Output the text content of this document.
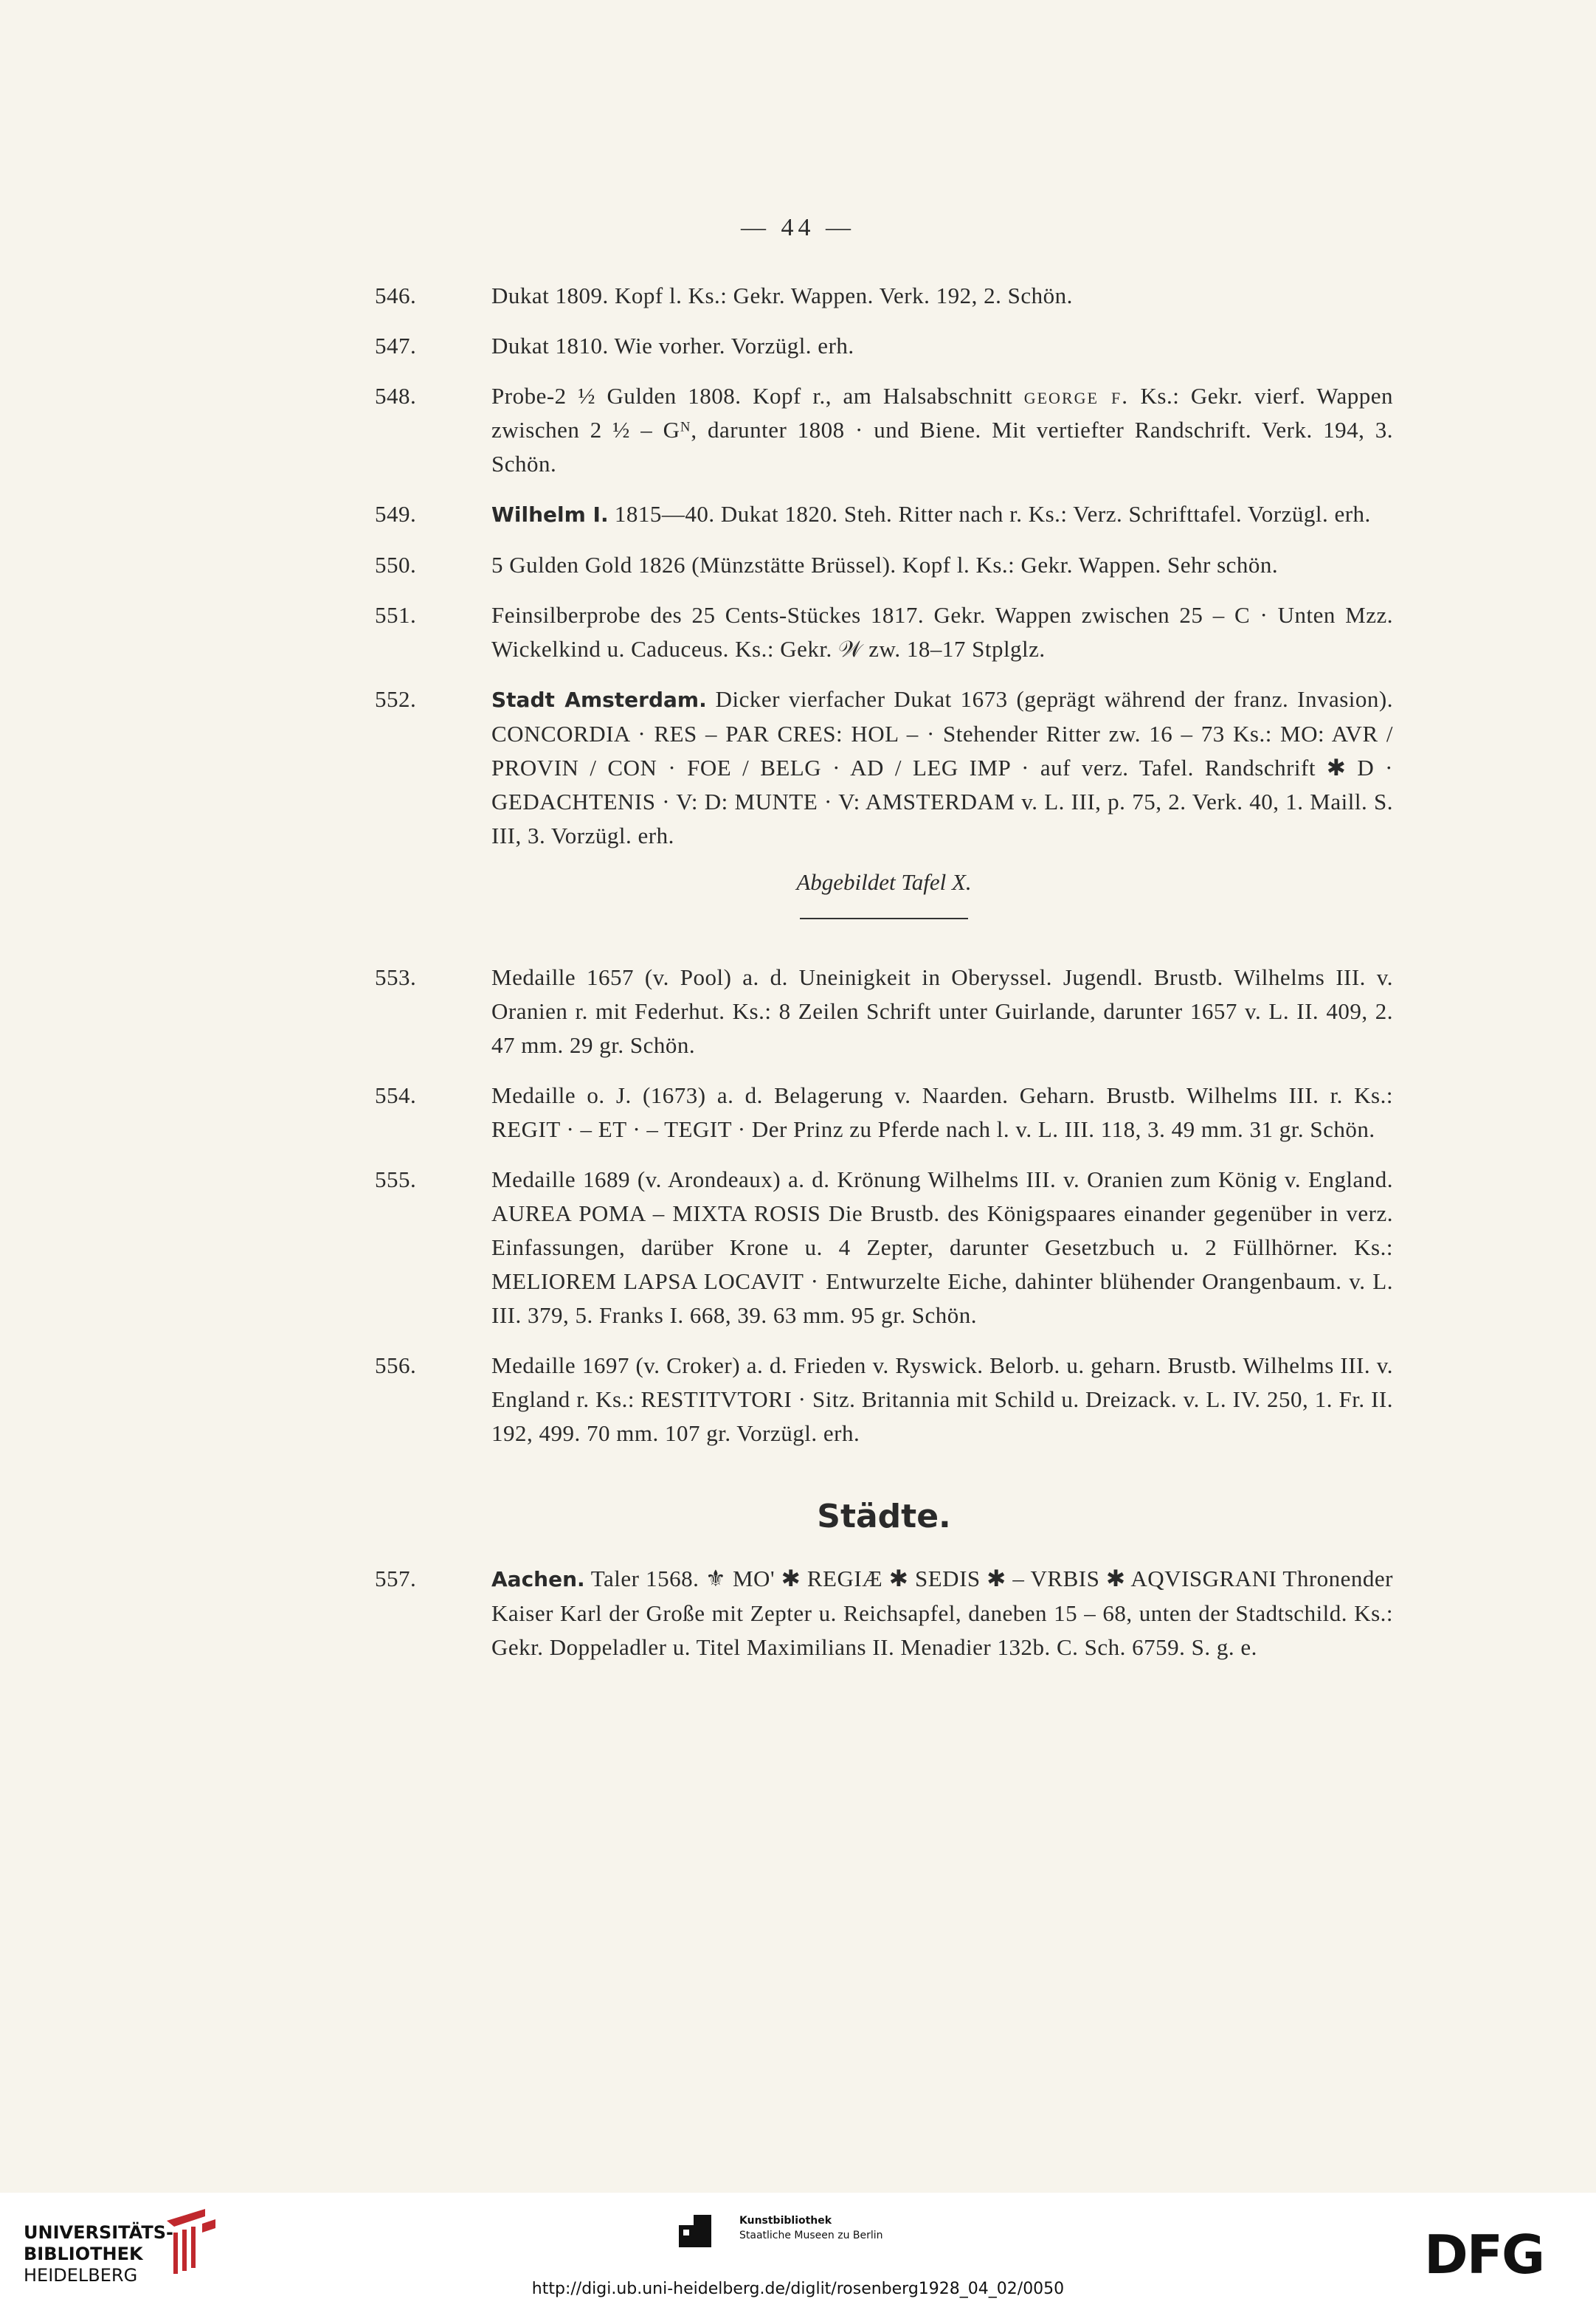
— 44 —
546.	Dukat 1809. Kopf l. Ks.: Gekr. Wappen. Verk. 192, 2. Schön.
547.	Dukat 1810. Wie vorher. Vorzügl. erh.
548.	Probe-2 ½ Gulden 1808. Kopf r., am Halsabschnitt george f. Ks.: Gekr. vierf. Wappen zwischen 2 ½ – Gᴺ, darunter 1808 · und Biene. Mit vertiefter Randschrift. Verk. 194, 3. Schön.
549.	Wilhelm I. 1815—40. Dukat 1820. Steh. Ritter nach r. Ks.: Verz. Schrifttafel. Vorzügl. erh.
550.	5 Gulden Gold 1826 (Münzstätte Brüssel). Kopf l. Ks.: Gekr. Wappen. Sehr schön.
551.	Feinsilberprobe des 25 Cents-Stückes 1817. Gekr. Wappen zwischen 25 – C · Unten Mzz. Wickelkind u. Caduceus. Ks.: Gekr. 𝒲 zw. 18–17 Stplglz.
552.	Stadt Amsterdam. Dicker vierfacher Dukat 1673 (geprägt während der franz. Invasion). CONCORDIA · RES – PAR CRES: HOL – · Stehender Ritter zw. 16 – 73 Ks.: MO: AVR / PROVIN / CON · FOE / BELG · AD / LEG IMP · auf verz. Tafel. Randschrift ✱ D · GEDACHTENIS · V: D: MUNTE · V: AMSTERDAM v. L. III, p. 75, 2. Verk. 40, 1. Maill. S. III, 3. Vorzügl. erh.
Abgebildet Tafel X.
553.	Medaille 1657 (v. Pool) a. d. Uneinigkeit in Oberyssel. Jugendl. Brustb. Wilhelms III. v. Oranien r. mit Federhut. Ks.: 8 Zeilen Schrift unter Guirlande, darunter 1657 v. L. II. 409, 2. 47 mm. 29 gr. Schön.
554.	Medaille o. J. (1673) a. d. Belagerung v. Naarden. Geharn. Brustb. Wilhelms III. r. Ks.: REGIT · – ET · – TEGIT · Der Prinz zu Pferde nach l. v. L. III. 118, 3. 49 mm. 31 gr. Schön.
555.	Medaille 1689 (v. Arondeaux) a. d. Krönung Wilhelms III. v. Oranien zum König v. England. AUREA POMA – MIXTA ROSIS Die Brustb. des Königspaares einander gegenüber in verz. Einfassungen, darüber Krone u. 4 Zepter, darunter Gesetzbuch u. 2 Füllhörner. Ks.: MELIOREM LAPSA LOCAVIT · Entwurzelte Eiche, dahinter blühender Orangenbaum. v. L. III. 379, 5. Franks I. 668, 39. 63 mm. 95 gr. Schön.
556.	Medaille 1697 (v. Croker) a. d. Frieden v. Ryswick. Belorb. u. geharn. Brustb. Wilhelms III. v. England r. Ks.: RESTITVTORI · Sitz. Britannia mit Schild u. Dreizack. v. L. IV. 250, 1. Fr. II. 192, 499. 70 mm. 107 gr. Vorzügl. erh.
Städte.
557.	Aachen. Taler 1568. ⚜ MO' ✱ REGIÆ ✱ SEDIS ✱ – VRBIS ✱ AQVISGRANI Thronender Kaiser Karl der Große mit Zepter u. Reichsapfel, daneben 15 – 68, unten der Stadtschild. Ks.: Gekr. Doppeladler u. Titel Maximilians II. Menadier 132b. C. Sch. 6759. S. g. e.
UNIVERSITÄTS-
BIBLIOTHEK
HEIDELBERG
Kunstbibliothek
Staatliche Museen zu Berlin	DFG
http://digi.ub.uni-heidelberg.de/diglit/rosenberg1928_04_02/0050
